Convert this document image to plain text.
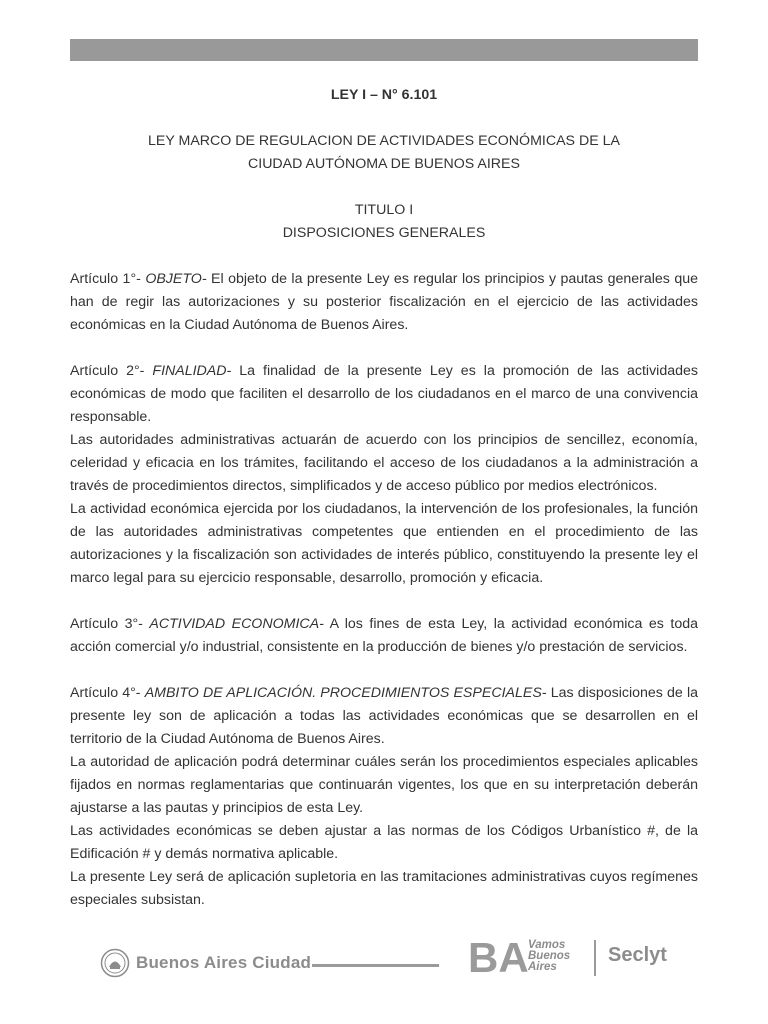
LEY I – N° 6.101

LEY MARCO DE REGULACION DE ACTIVIDADES ECONÓMICAS DE LA
CIUDAD AUTÓNOMA DE BUENOS AIRES
TITULO I
DISPOSICIONES GENERALES

Artículo 1°- OBJETO- El objeto de la presente Ley es regular los principios y pautas generales que han de regir las autorizaciones y su posterior fiscalización en el ejercicio de las actividades económicas en la Ciudad Autónoma de Buenos Aires.

Artículo 2°- FINALIDAD- La finalidad de la presente Ley es la promoción de las actividades económicas de modo que faciliten el desarrollo de los ciudadanos en el marco de una convivencia responsable.

Las autoridades administrativas actuarán de acuerdo con los principios de sencillez, economía, celeridad y eficacia en los trámites, facilitando el acceso de los ciudadanos a la administración a través de procedimientos directos, simplificados y de acceso público por medios electrónicos.

La actividad económica ejercida por los ciudadanos, la intervención de los profesionales, la función de las autoridades administrativas competentes que entienden en el procedimiento de las autorizaciones y la fiscalización son actividades de interés público, constituyendo la presente ley el marco legal para su ejercicio responsable, desarrollo, promoción y eficacia.

Artículo 3°- ACTIVIDAD ECONOMICA- A los fines de esta Ley, la actividad económica es toda acción comercial y/o industrial, consistente en la producción de bienes y/o prestación de servicios.

Artículo 4°- AMBITO DE APLICACIÓN. PROCEDIMIENTOS ESPECIALES- Las disposiciones de la presente ley son de aplicación a todas las actividades económicas que se desarrollen en el territorio de la Ciudad Autónoma de Buenos Aires.

La autoridad de aplicación podrá determinar cuáles serán los procedimientos especiales aplicables fijados en normas reglamentarias que continuarán vigentes, los que en su interpretación deberán ajustarse a las pautas y principios de esta Ley.

Las actividades económicas se deben ajustar a las normas de los Códigos Urbanístico #, de la Edificación # y demás normativa aplicable.

La presente Ley será de aplicación supletoria en las tramitaciones administrativas cuyos regímenes especiales subsistan.

Buenos Aires Ciudad	BA Vamos
Buenos
Aires
Seclyt
